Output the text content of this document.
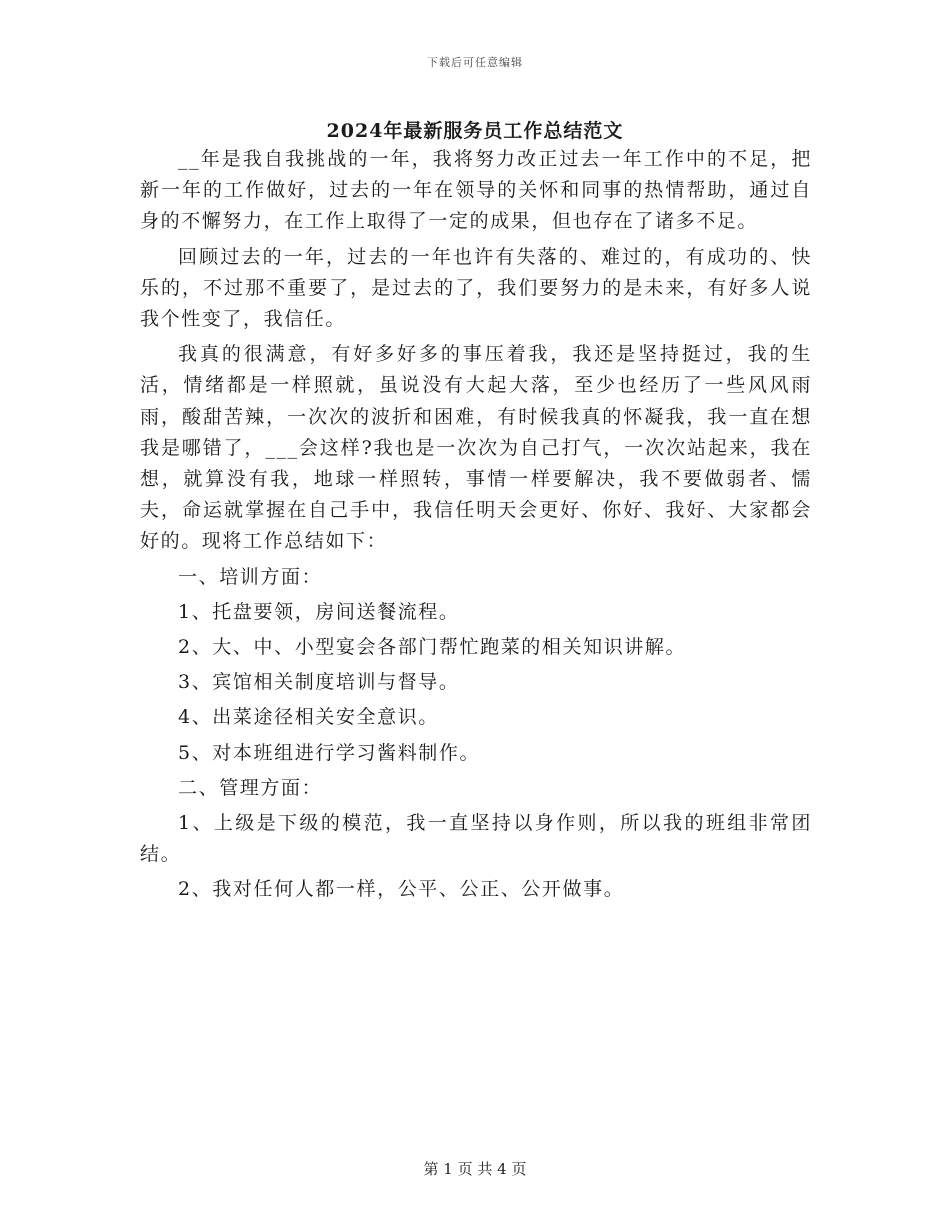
下载后可任意编辑
2024年最新服务员工作总结范文

__年是我自我挑战的一年，我将努力改正过去一年工作中的不足，把新一年的工作做好，过去的一年在领导的关怀和同事的热情帮助，通过自身的不懈努力，在工作上取得了一定的成果，但也存在了诸多不足。

回顾过去的一年，过去的一年也许有失落的、难过的，有成功的、快乐的，不过那不重要了，是过去的了，我们要努力的是未来，有好多人说我个性变了，我信任。

我真的很满意，有好多好多的事压着我，我还是坚持挺过，我的生活，情绪都是一样照就，虽说没有大起大落，至少也经历了一些风风雨雨，酸甜苦辣，一次次的波折和困难，有时候我真的怀凝我，我一直在想我是哪错了，___会这样?我也是一次次为自己打气，一次次站起来，我在想，就算没有我，地球一样照转，事情一样要解决，我不要做弱者、懦夫，命运就掌握在自己手中，我信任明天会更好、你好、我好、大家都会好的。现将工作总结如下：

一、培训方面：

1、托盘要领，房间送餐流程。

2、大、中、小型宴会各部门帮忙跑菜的相关知识讲解。

3、宾馆相关制度培训与督导。

4、出菜途径相关安全意识。

5、对本班组进行学习酱料制作。

二、管理方面：

1、上级是下级的模范，我一直坚持以身作则，所以我的班组非常团结。

2、我对任何人都一样，公平、公正、公开做事。

第 1 页 共 4 页
